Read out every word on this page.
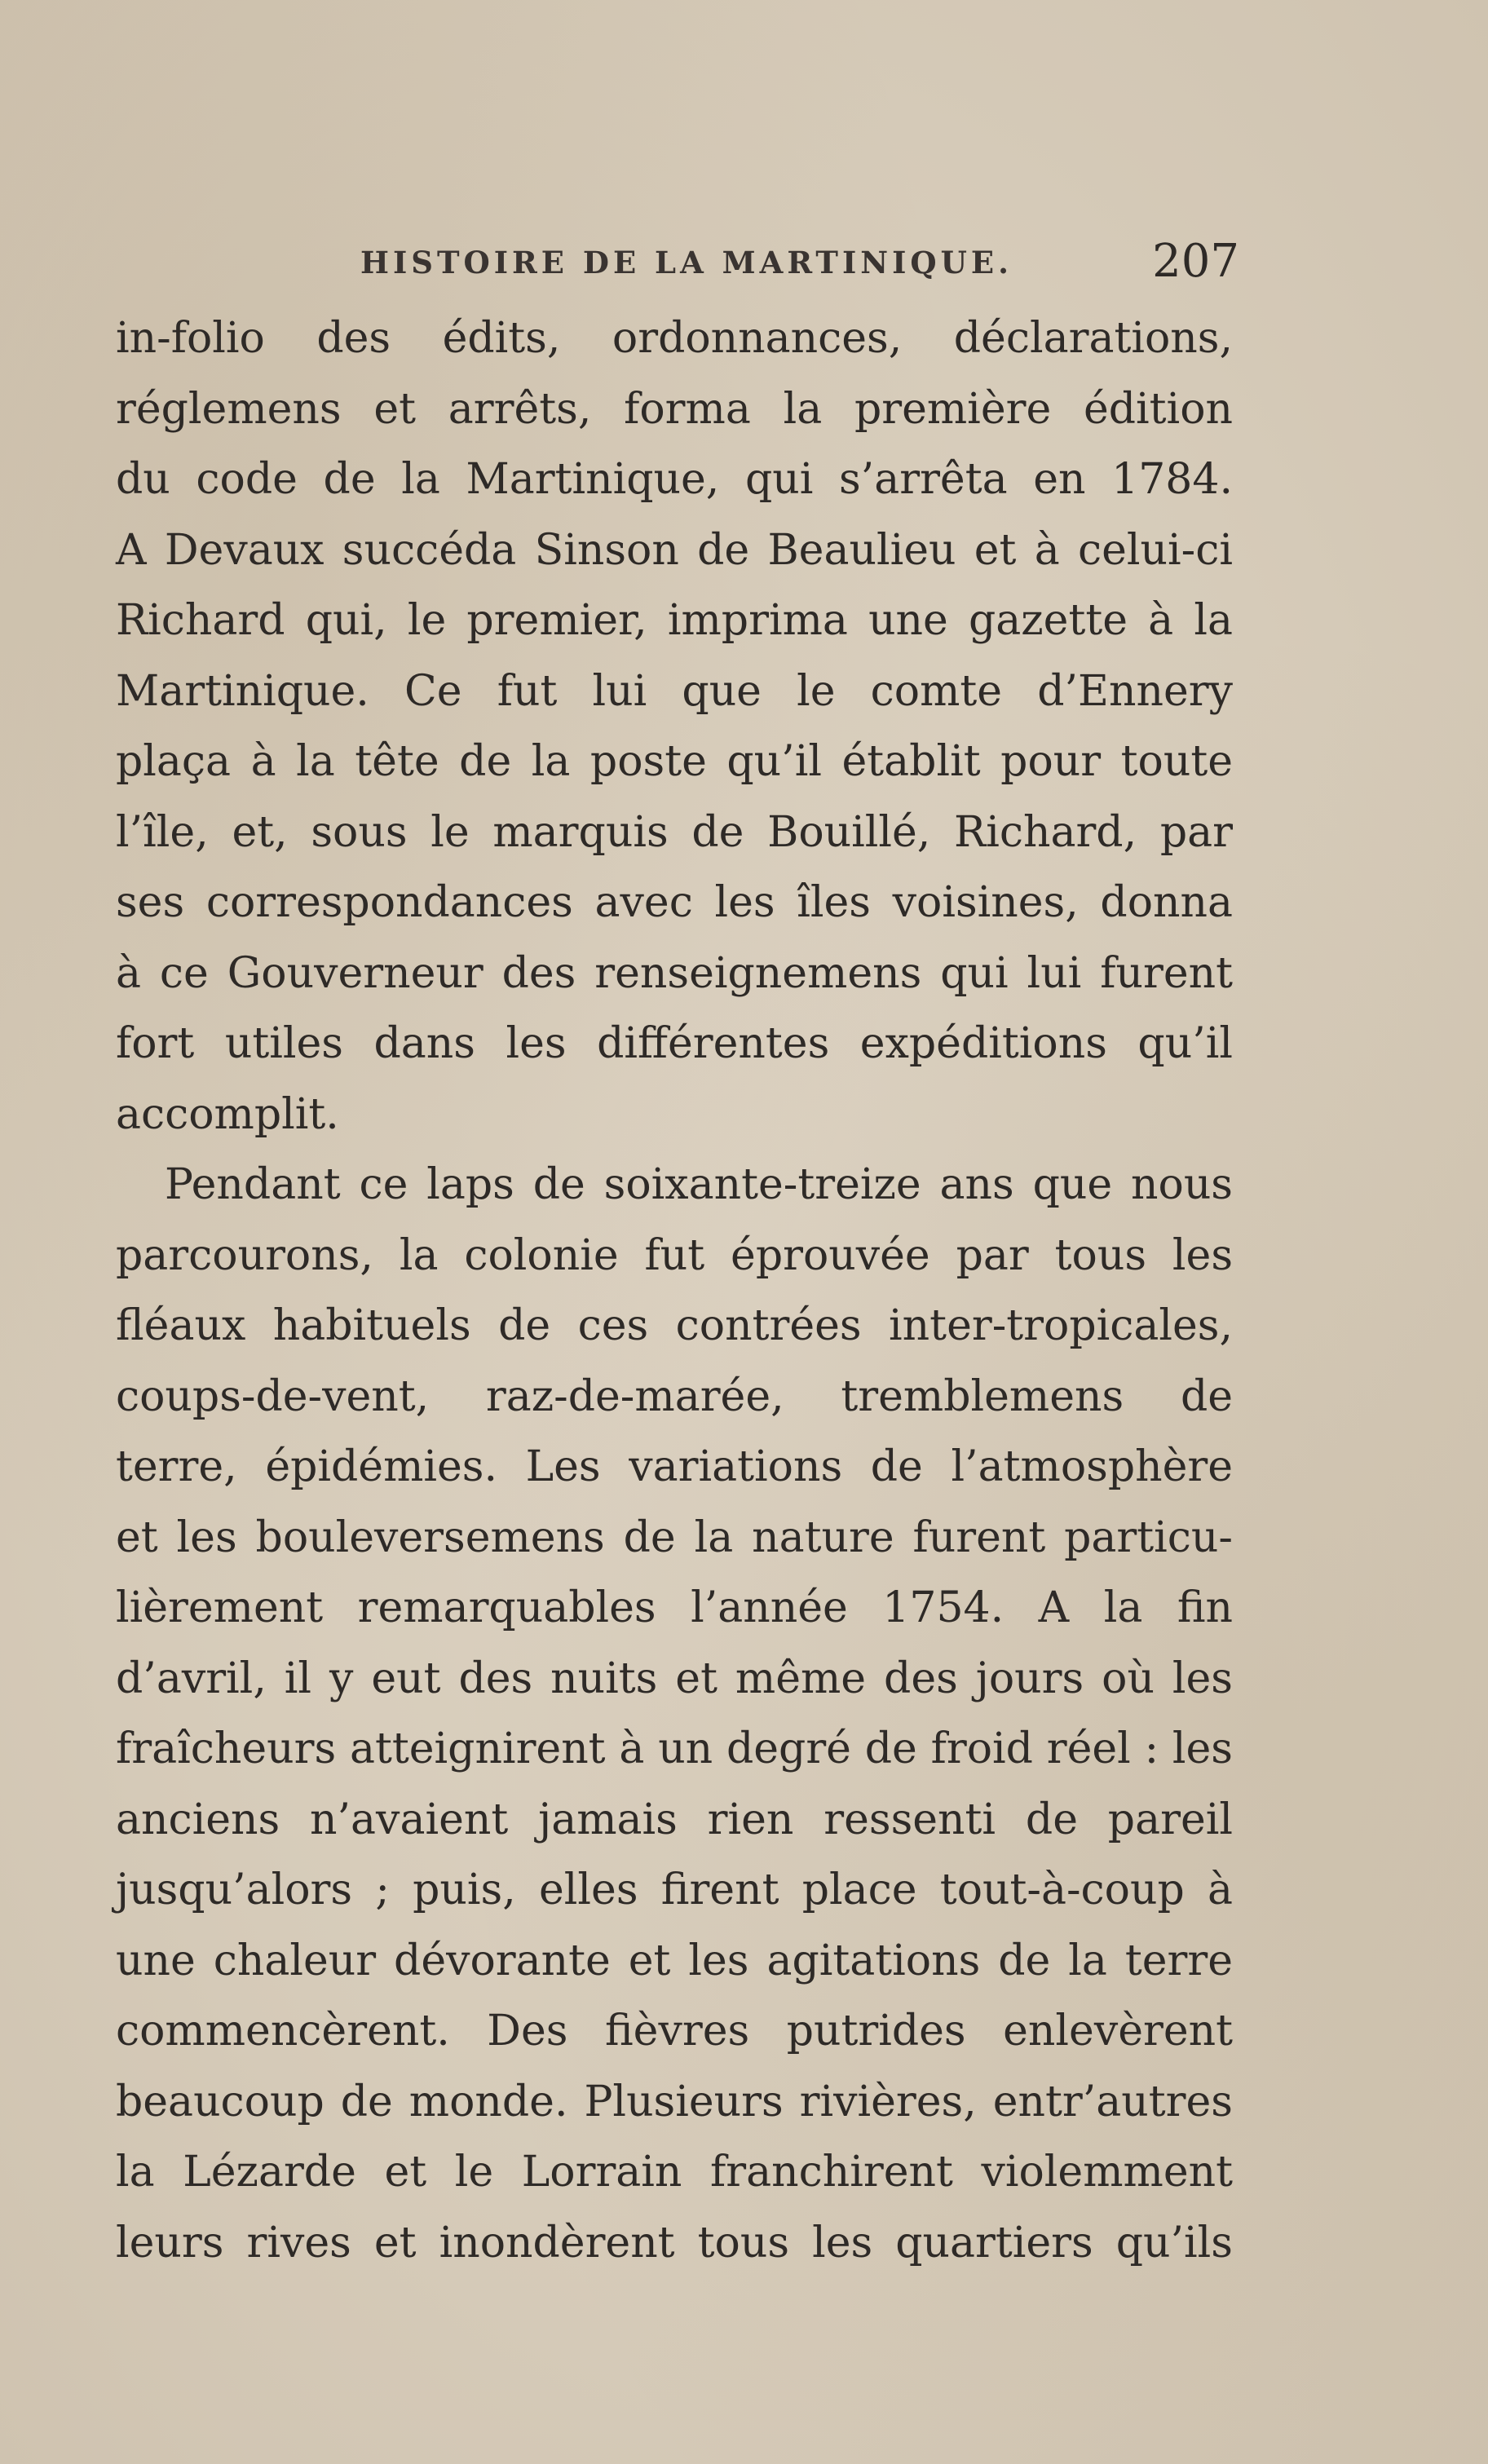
HISTOIRE DE LA MARTINIQUE.	207

in-folio des édits, ordonnances, déclarations,
réglemens et arrêts, forma la première édition
du code de la Martinique, qui s’arrêta en 1784.
A Devaux succéda Sinson de Beaulieu et à celui-ci
Richard qui, le premier, imprima une gazette à la
Martinique. Ce fut lui que le comte d’Ennery
plaça à la tête de la poste qu’il établit pour toute
l’île, et, sous le marquis de Bouillé, Richard, par
ses correspondances avec les îles voisines, donna
à ce Gouverneur des renseignemens qui lui furent
fort utiles dans les différentes expéditions qu’il
accomplit.

Pendant ce laps de soixante-treize ans que nous
parcourons, la colonie fut éprouvée par tous les
fléaux habituels de ces contrées inter-tropicales,
coups-de-vent, raz-de-marée, tremblemens de
terre, épidémies. Les variations de l’atmosphère
et les bouleversemens de la nature furent particu-
lièrement remarquables l’année 1754. A la fin
d’avril, il y eut des nuits et même des jours où les
fraîcheurs atteignirent à un degré de froid réel : les
anciens n’avaient jamais rien ressenti de pareil
jusqu’alors ; puis, elles firent place tout-à-coup à
une chaleur dévorante et les agitations de la terre
commencèrent. Des fièvres putrides enlevèrent
beaucoup de monde. Plusieurs rivières, entr’autres
la Lézarde et le Lorrain franchirent violemment
leurs rives et inondèrent tous les quartiers qu’ils
